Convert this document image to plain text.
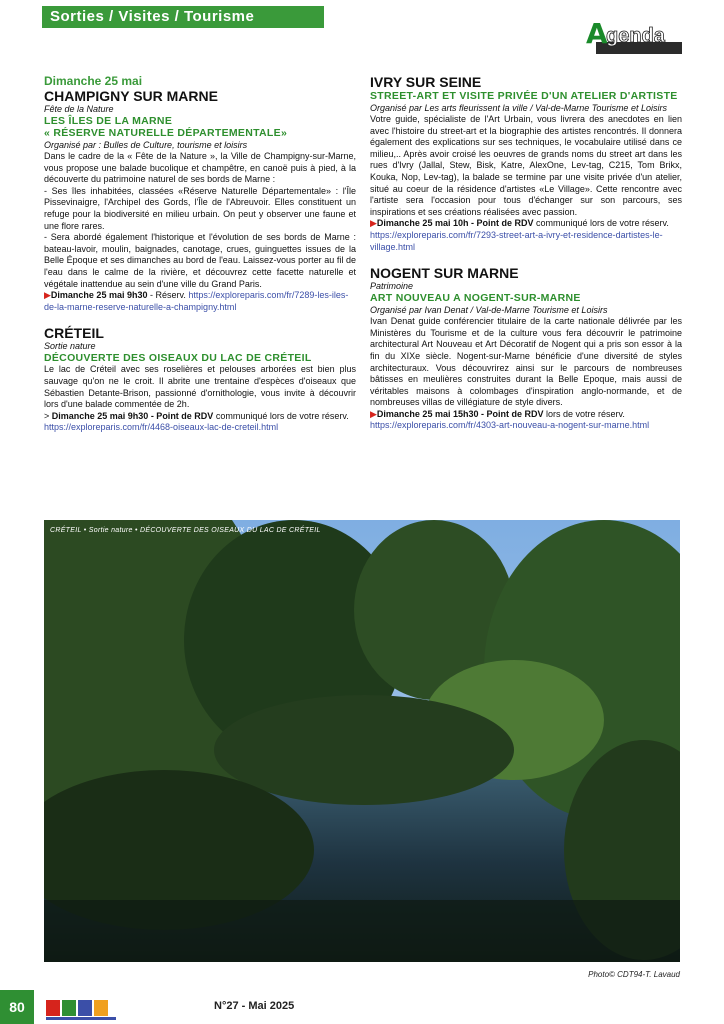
Sorties / Visites / Tourisme
A
genda
Dimanche 25 mai
CHAMPIGNY SUR MARNE
Fête de la Nature
LES ÎLES DE LA MARNE
« RÉSERVE NATURELLE DÉPARTEMENTALE»
Organisé par : Bulles de Culture, tourisme et loisirs

Dans le cadre de la « Fête de la Nature », la Ville de Champigny-sur-Marne, vous propose une balade bucolique et champêtre, en canoë puis à pied, à la découverte du patrimoine naturel de ses bords de Marne :

- Ses îles inhabitées, classées «Réserve Naturelle Départementale» : l'Île Pissevinaigre, l'Archipel des Gords, l'Île de l'Abreuvoir. Elles constituent un refuge pour la biodiversité en milieu urbain. On peut y observer une faune et une flore rares.

- Sera abordé également l'historique et l'évolution de ses bords de Marne : bateau-lavoir, moulin, baignades, canotage, crues, guinguettes issues de la Belle Époque et ses dimanches au bord de l'eau. Laissez-vous porter au fil de l'eau dans le calme de la rivière, et découvrez cette facette naturelle et végétale inattendue au sein d'une ville du Grand Paris.

▶Dimanche 25 mai 9h30 - Réserv. https://exploreparis.com/fr/7289-les-iles-de-la-marne-reserve-naturelle-a-champigny.html

CRÉTEIL
Sortie nature
DÉCOUVERTE DES OISEAUX DU LAC DE CRÉTEIL

Le lac de Créteil avec ses roselières et pelouses arborées est bien plus sauvage qu'on ne le croit. Il abrite une trentaine d'espèces d'oiseaux que Sébastien Detante-Brison, passionné d'ornithologie, vous invite à découvrir lors d'une balade commentée de 2h.

> Dimanche 25 mai 9h30 - Point de RDV communiqué lors de votre réserv. https://exploreparis.com/fr/4468-oiseaux-lac-de-creteil.html

IVRY SUR SEINE
STREET-ART ET VISITE PRIVÉE D'UN ATELIER D'ARTISTE
Organisé par Les arts fleurissent la ville / Val-de-Marne Tourisme et Loisirs

Votre guide, spécialiste de l'Art Urbain, vous livrera des anecdotes en lien avec l'histoire du street-art et la biographie des artistes rencontrés. Il donnera également des explications sur ses techniques, le vocabulaire utilisé dans ce milieu,.. Après avoir croisé les oeuvres de grands noms du street art dans les rues d'Ivry (Jallal, Stew, Bisk, Katre, AlexOne, Lev-tag, C215, Tom Brikx, Kouka, Nop, Lev-tag), la balade se termine par une visite privée d'un atelier, situé au coeur de la résidence d'artistes «Le Village». Cette rencontre avec l'artiste sera l'occasion pour tous d'échanger sur son parcours, ses inspirations et ses créations réalisées avec passion.

▶Dimanche 25 mai 10h - Point de RDV communiqué lors de votre réserv. https://exploreparis.com/fr/7293-street-art-a-ivry-et-residence-dartistes-le-village.html

NOGENT SUR MARNE
Patrimoine
ART NOUVEAU A NOGENT-SUR-MARNE
Organisé par Ivan Denat / Val-de-Marne Tourisme et Loisirs

Ivan Denat guide conférencier titulaire de la carte nationale délivrée par les Ministères du Tourisme et de la culture vous fera découvrir le patrimoine architectural Art Nouveau et Art Décoratif de Nogent qui a pris son essor à la fin du XIXe siècle. Nogent-sur-Marne bénéficie d'une diversité de styles architecturaux. Vous découvrirez ainsi sur le parcours de nombreuses bâtisses en meulières construites durant la Belle Epoque, mais aussi de véritables maisons à colombages d'inspiration anglo-normande, et de nombreuses villas de villégiature de style divers.

▶Dimanche 25 mai 15h30 - Point de RDV lors de votre réserv. https://exploreparis.com/fr/4303-art-nouveau-a-nogent-sur-marne.html

CRÉTEIL • Sortie nature • DÉCOUVERTE DES OISEAUX DU LAC DE CRÉTEIL
Photo© CDT94-T. Lavaud
80	N°27 - Mai 2025
